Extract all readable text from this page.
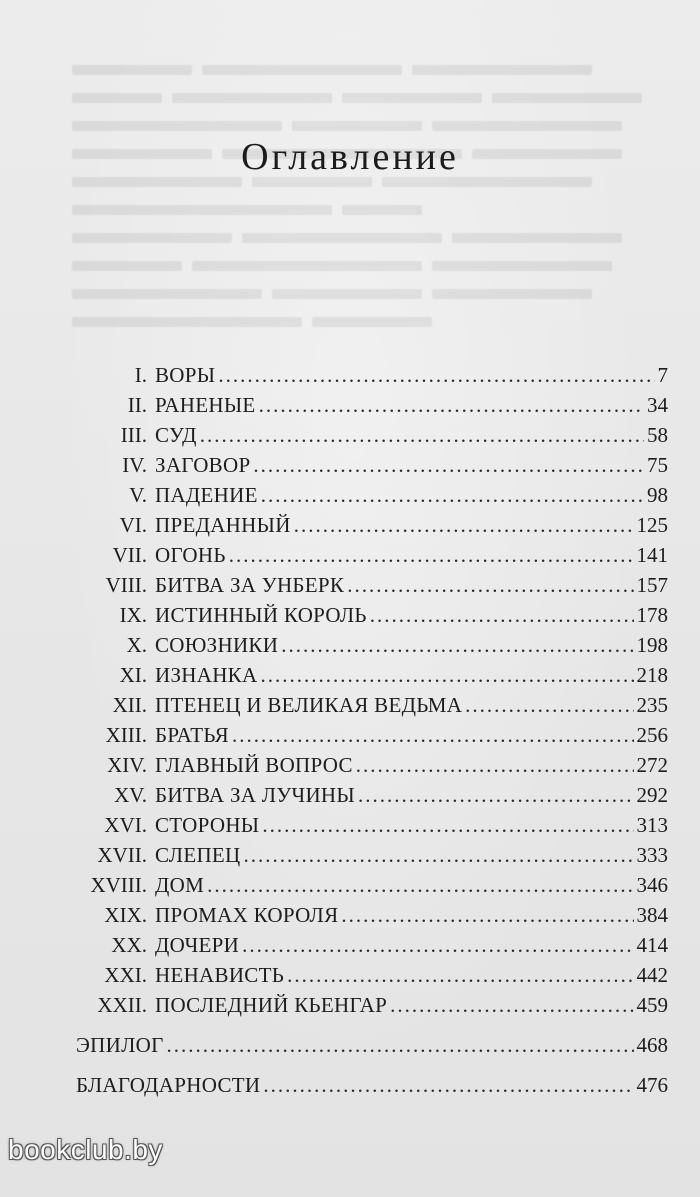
Оглавление
I. ВОРЫ .....	7
II. РАНЕНЫЕ .....	34
III. СУД .....	58
IV. ЗАГОВОР .....	75
V. ПАДЕНИЕ .....	98
VI. ПРЕДАННЫЙ .....	125
VII. ОГОНЬ .....	141
VIII. БИТВА ЗА УНБЕРК .....	157
IX. ИСТИННЫЙ КОРОЛЬ .....	178
X. СОЮЗНИКИ .....	198
XI. ИЗНАНКА .....	218
XII. ПТЕНЕЦ И ВЕЛИКАЯ ВЕДЬМА .....	235
XIII. БРАТЬЯ .....	256
XIV. ГЛАВНЫЙ ВОПРОС .....	272
XV. БИТВА ЗА ЛУЧИНЫ .....	292
XVI. СТОРОНЫ .....	313
XVII. СЛЕПЕЦ .....	333
XVIII. ДОМ .....	346
XIX. ПРОМАХ КОРОЛЯ .....	384
XX. ДОЧЕРИ .....	414
XXI. НЕНАВИСТЬ .....	442
XXII. ПОСЛЕДНИЙ КЬЕНГАР .....	459
ЭПИЛОГ .....	468
БЛАГОДАРНОСТИ .....	476
bookclub.by
